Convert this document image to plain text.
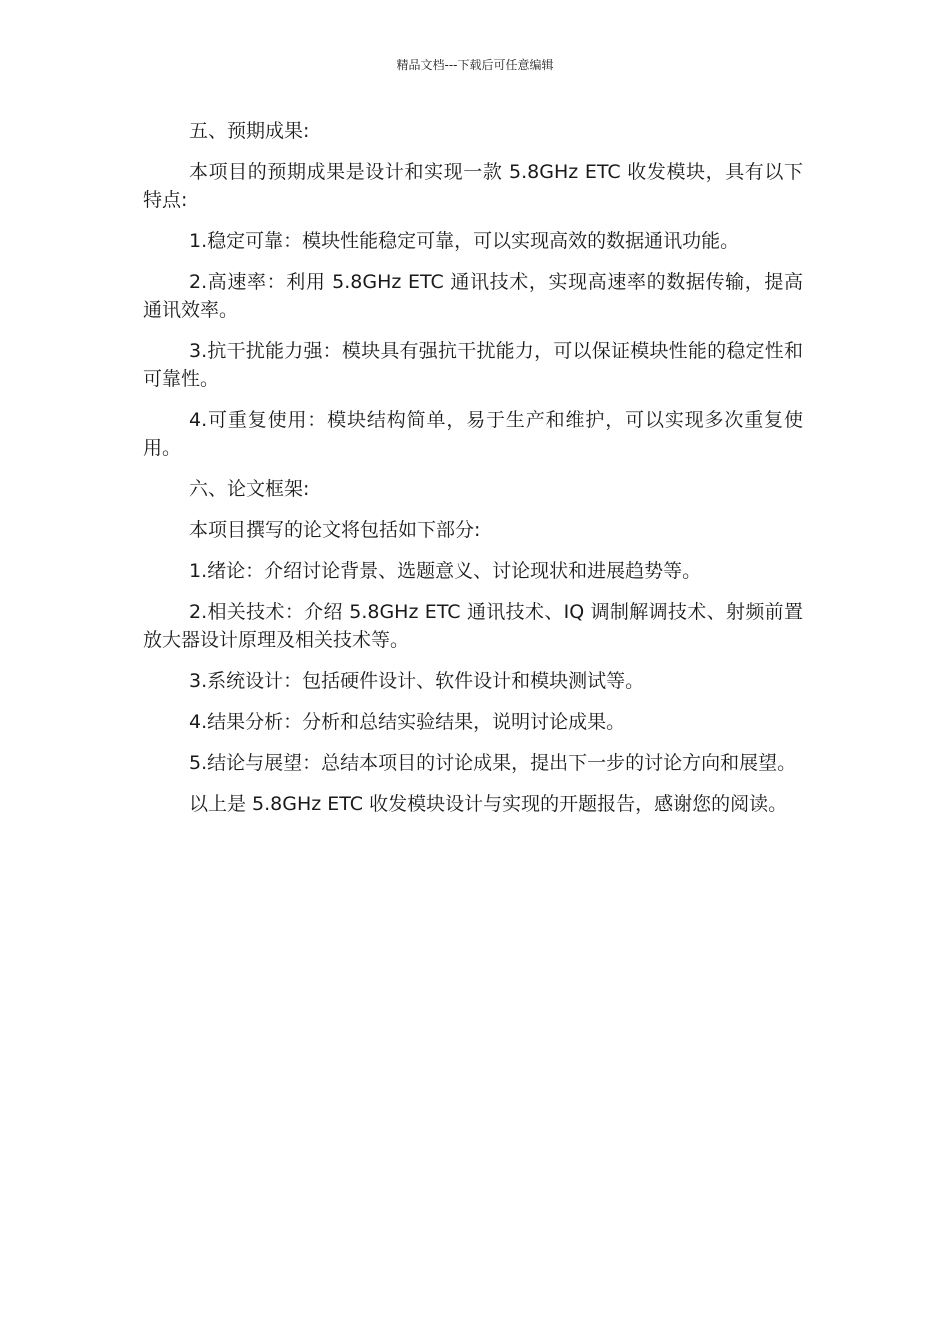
精品文档---下载后可任意编辑

五、预期成果:

本项目的预期成果是设计和实现一款 5.8GHz ETC 收发模块，具有以下特点:

1.稳定可靠：模块性能稳定可靠，可以实现高效的数据通讯功能。

2.高速率：利用 5.8GHz ETC 通讯技术，实现高速率的数据传输，提高通讯效率。

3.抗干扰能力强：模块具有强抗干扰能力，可以保证模块性能的稳定性和可靠性。

4.可重复使用：模块结构简单，易于生产和维护，可以实现多次重复使用。

六、论文框架:

本项目撰写的论文将包括如下部分:

1.绪论：介绍讨论背景、选题意义、讨论现状和进展趋势等。

2.相关技术：介绍 5.8GHz ETC 通讯技术、IQ 调制解调技术、射频前置放大器设计原理及相关技术等。

3.系统设计：包括硬件设计、软件设计和模块测试等。

4.结果分析：分析和总结实验结果，说明讨论成果。

5.结论与展望：总结本项目的讨论成果，提出下一步的讨论方向和展望。

以上是 5.8GHz ETC 收发模块设计与实现的开题报告，感谢您的阅读。
